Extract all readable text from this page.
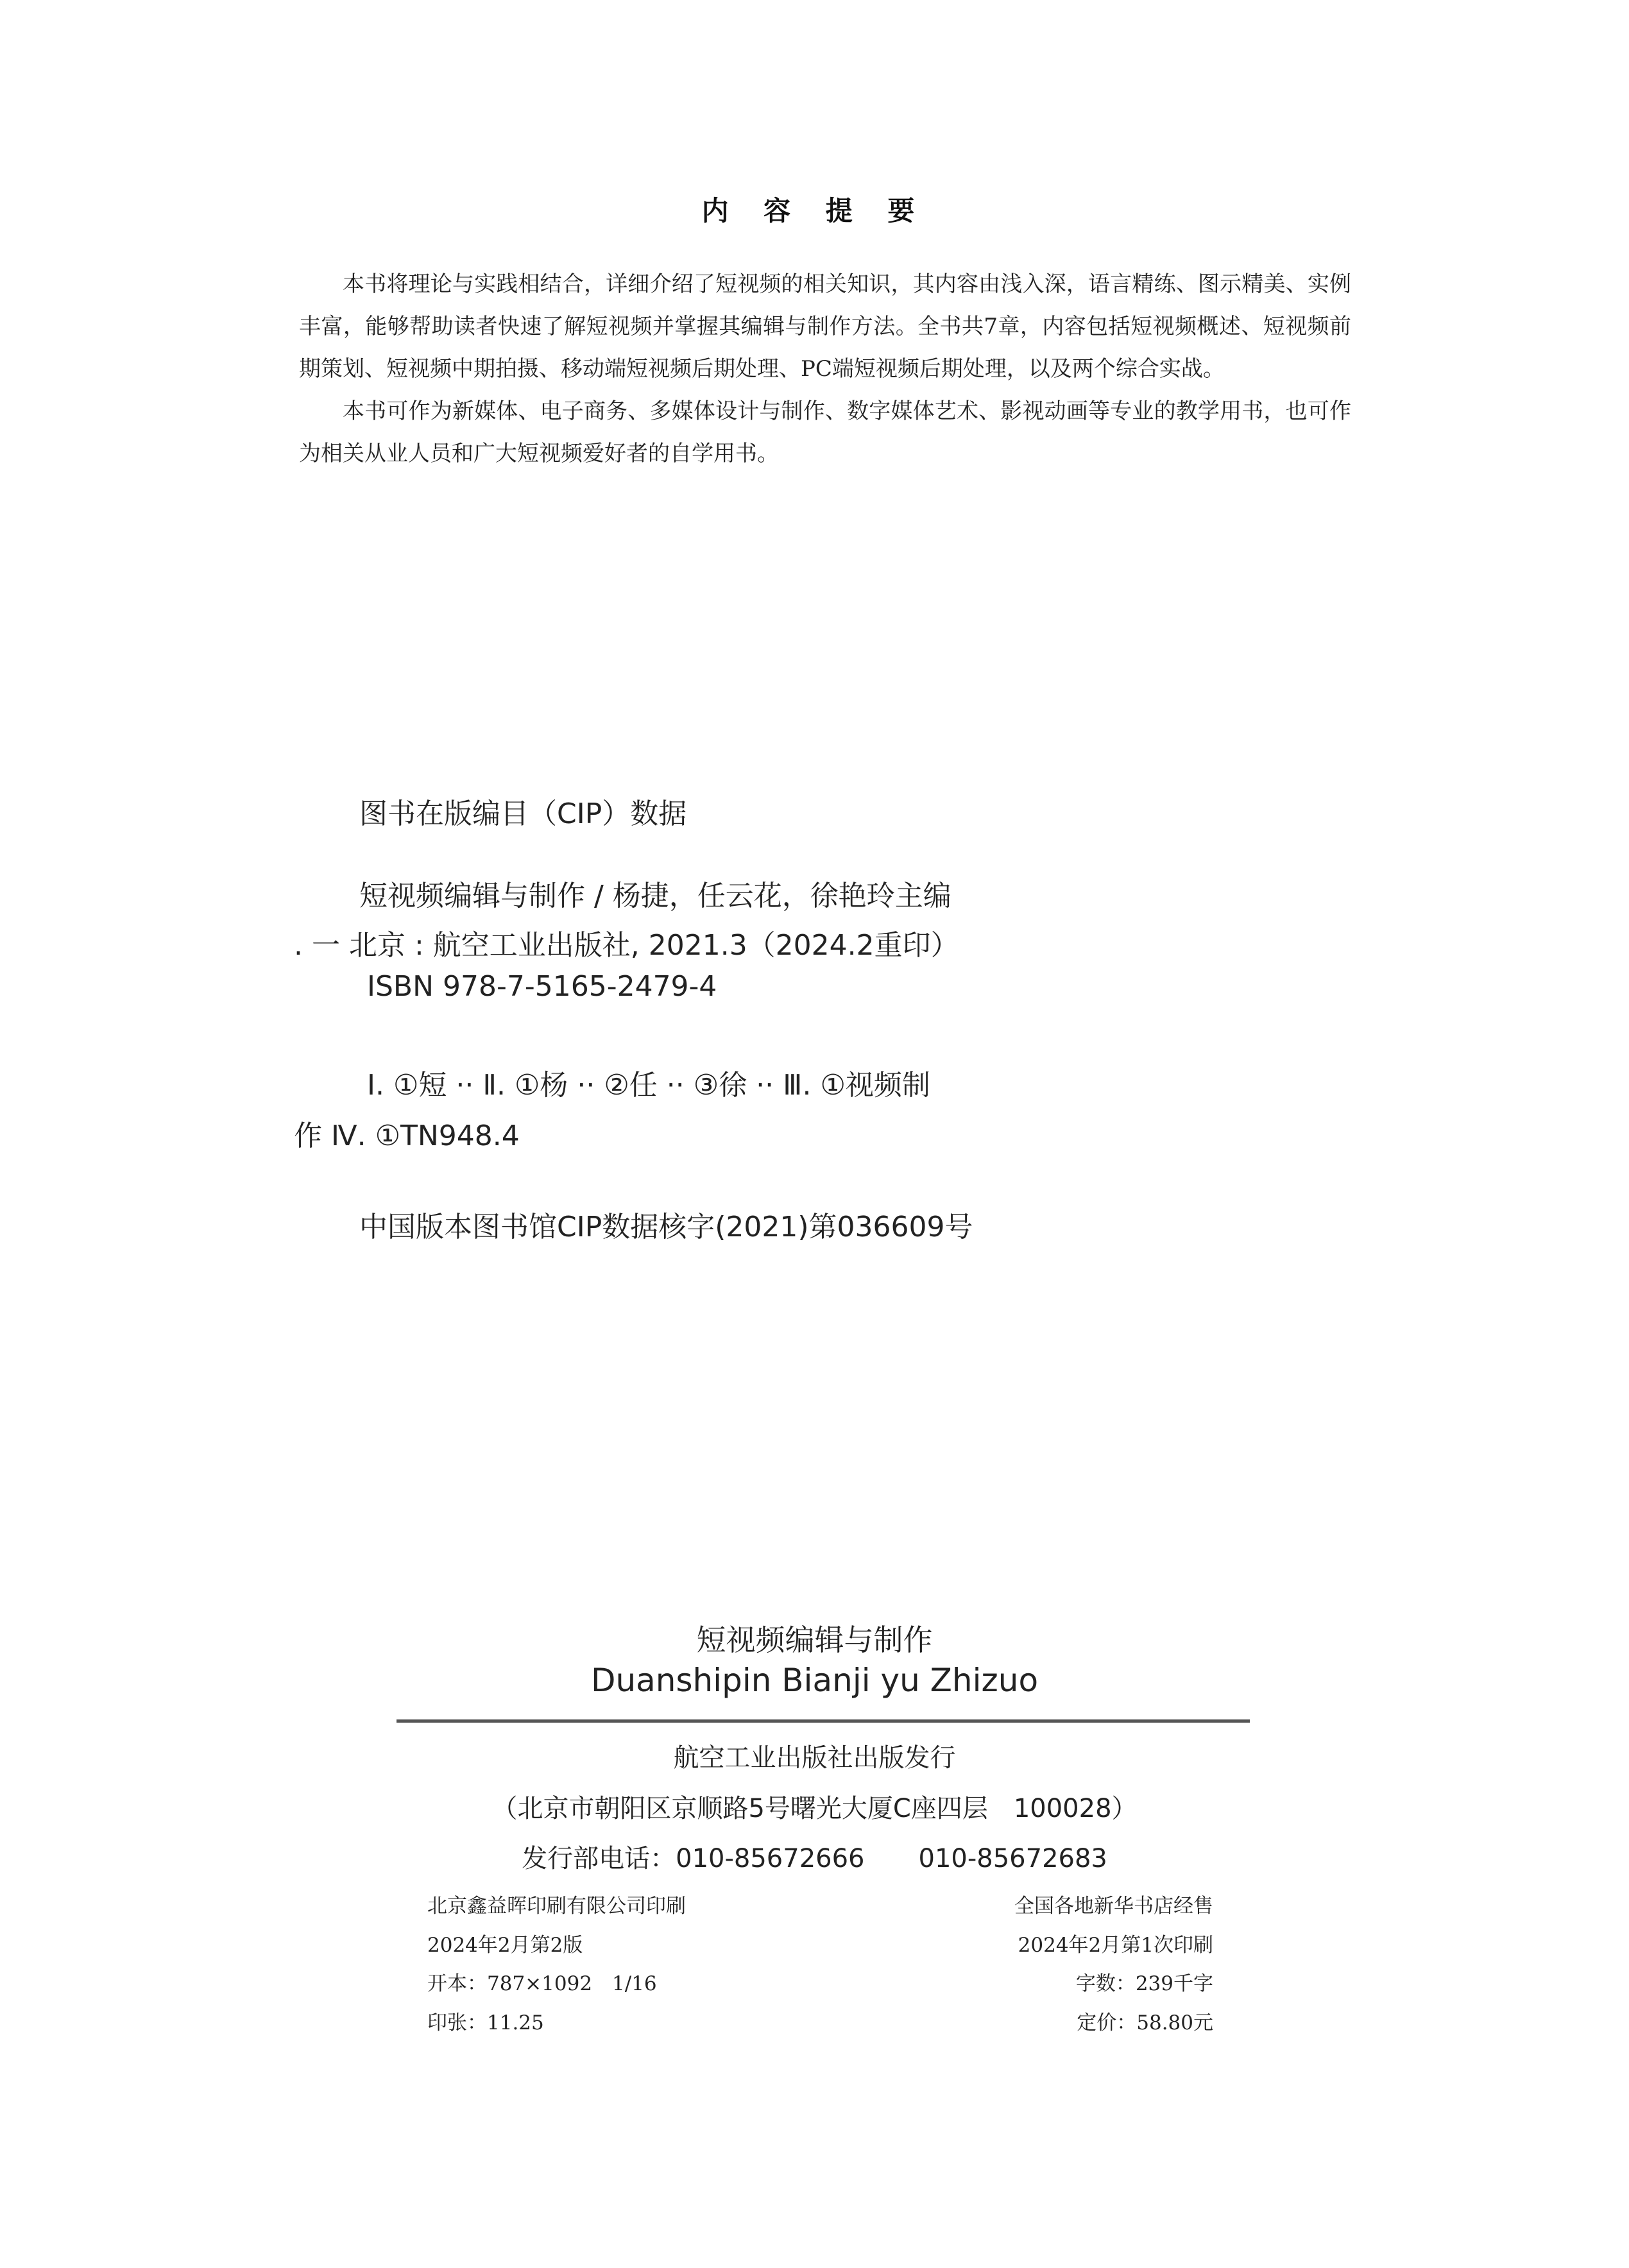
内 容 提 要

本书将理论与实践相结合，详细介绍了短视频的相关知识，其内容由浅入深，语言精练、图示精美、实例丰富，能够帮助读者快速了解短视频并掌握其编辑与制作方法。全书共7章，内容包括短视频概述、短视频前期策划、短视频中期拍摄、移动端短视频后期处理、PC端短视频后期处理，以及两个综合实战。

本书可作为新媒体、电子商务、多媒体设计与制作、数字媒体艺术、影视动画等专业的教学用书，也可作为相关从业人员和广大短视频爱好者的自学用书。

图书在版编目（CIP）数据
短视频编辑与制作 / 杨捷，任云花，徐艳玲主编
. 一 北京 : 航空工业出版社, 2021.3（2024.2重印）
ISBN 978-7-5165-2479-4
Ⅰ. ①短 ·· Ⅱ. ①杨 ·· ②任 ·· ③徐 ·· Ⅲ. ①视频制
作 Ⅳ. ①TN948.4
中国版本图书馆CIP数据核字(2021)第036609号
短视频编辑与制作
Duanshipin Bianji yu Zhizuo
航空工业出版社出版发行
（北京市朝阳区京顺路5号曙光大厦C座四层　100028）
发行部电话：010-85672666 010-85672683
北京鑫益晖印刷有限公司印刷	全国各地新华书店经售
2024年2月第2版	2024年2月第1次印刷
开本：787×1092　1/16	字数：239千字
印张：11.25	定价：58.80元
